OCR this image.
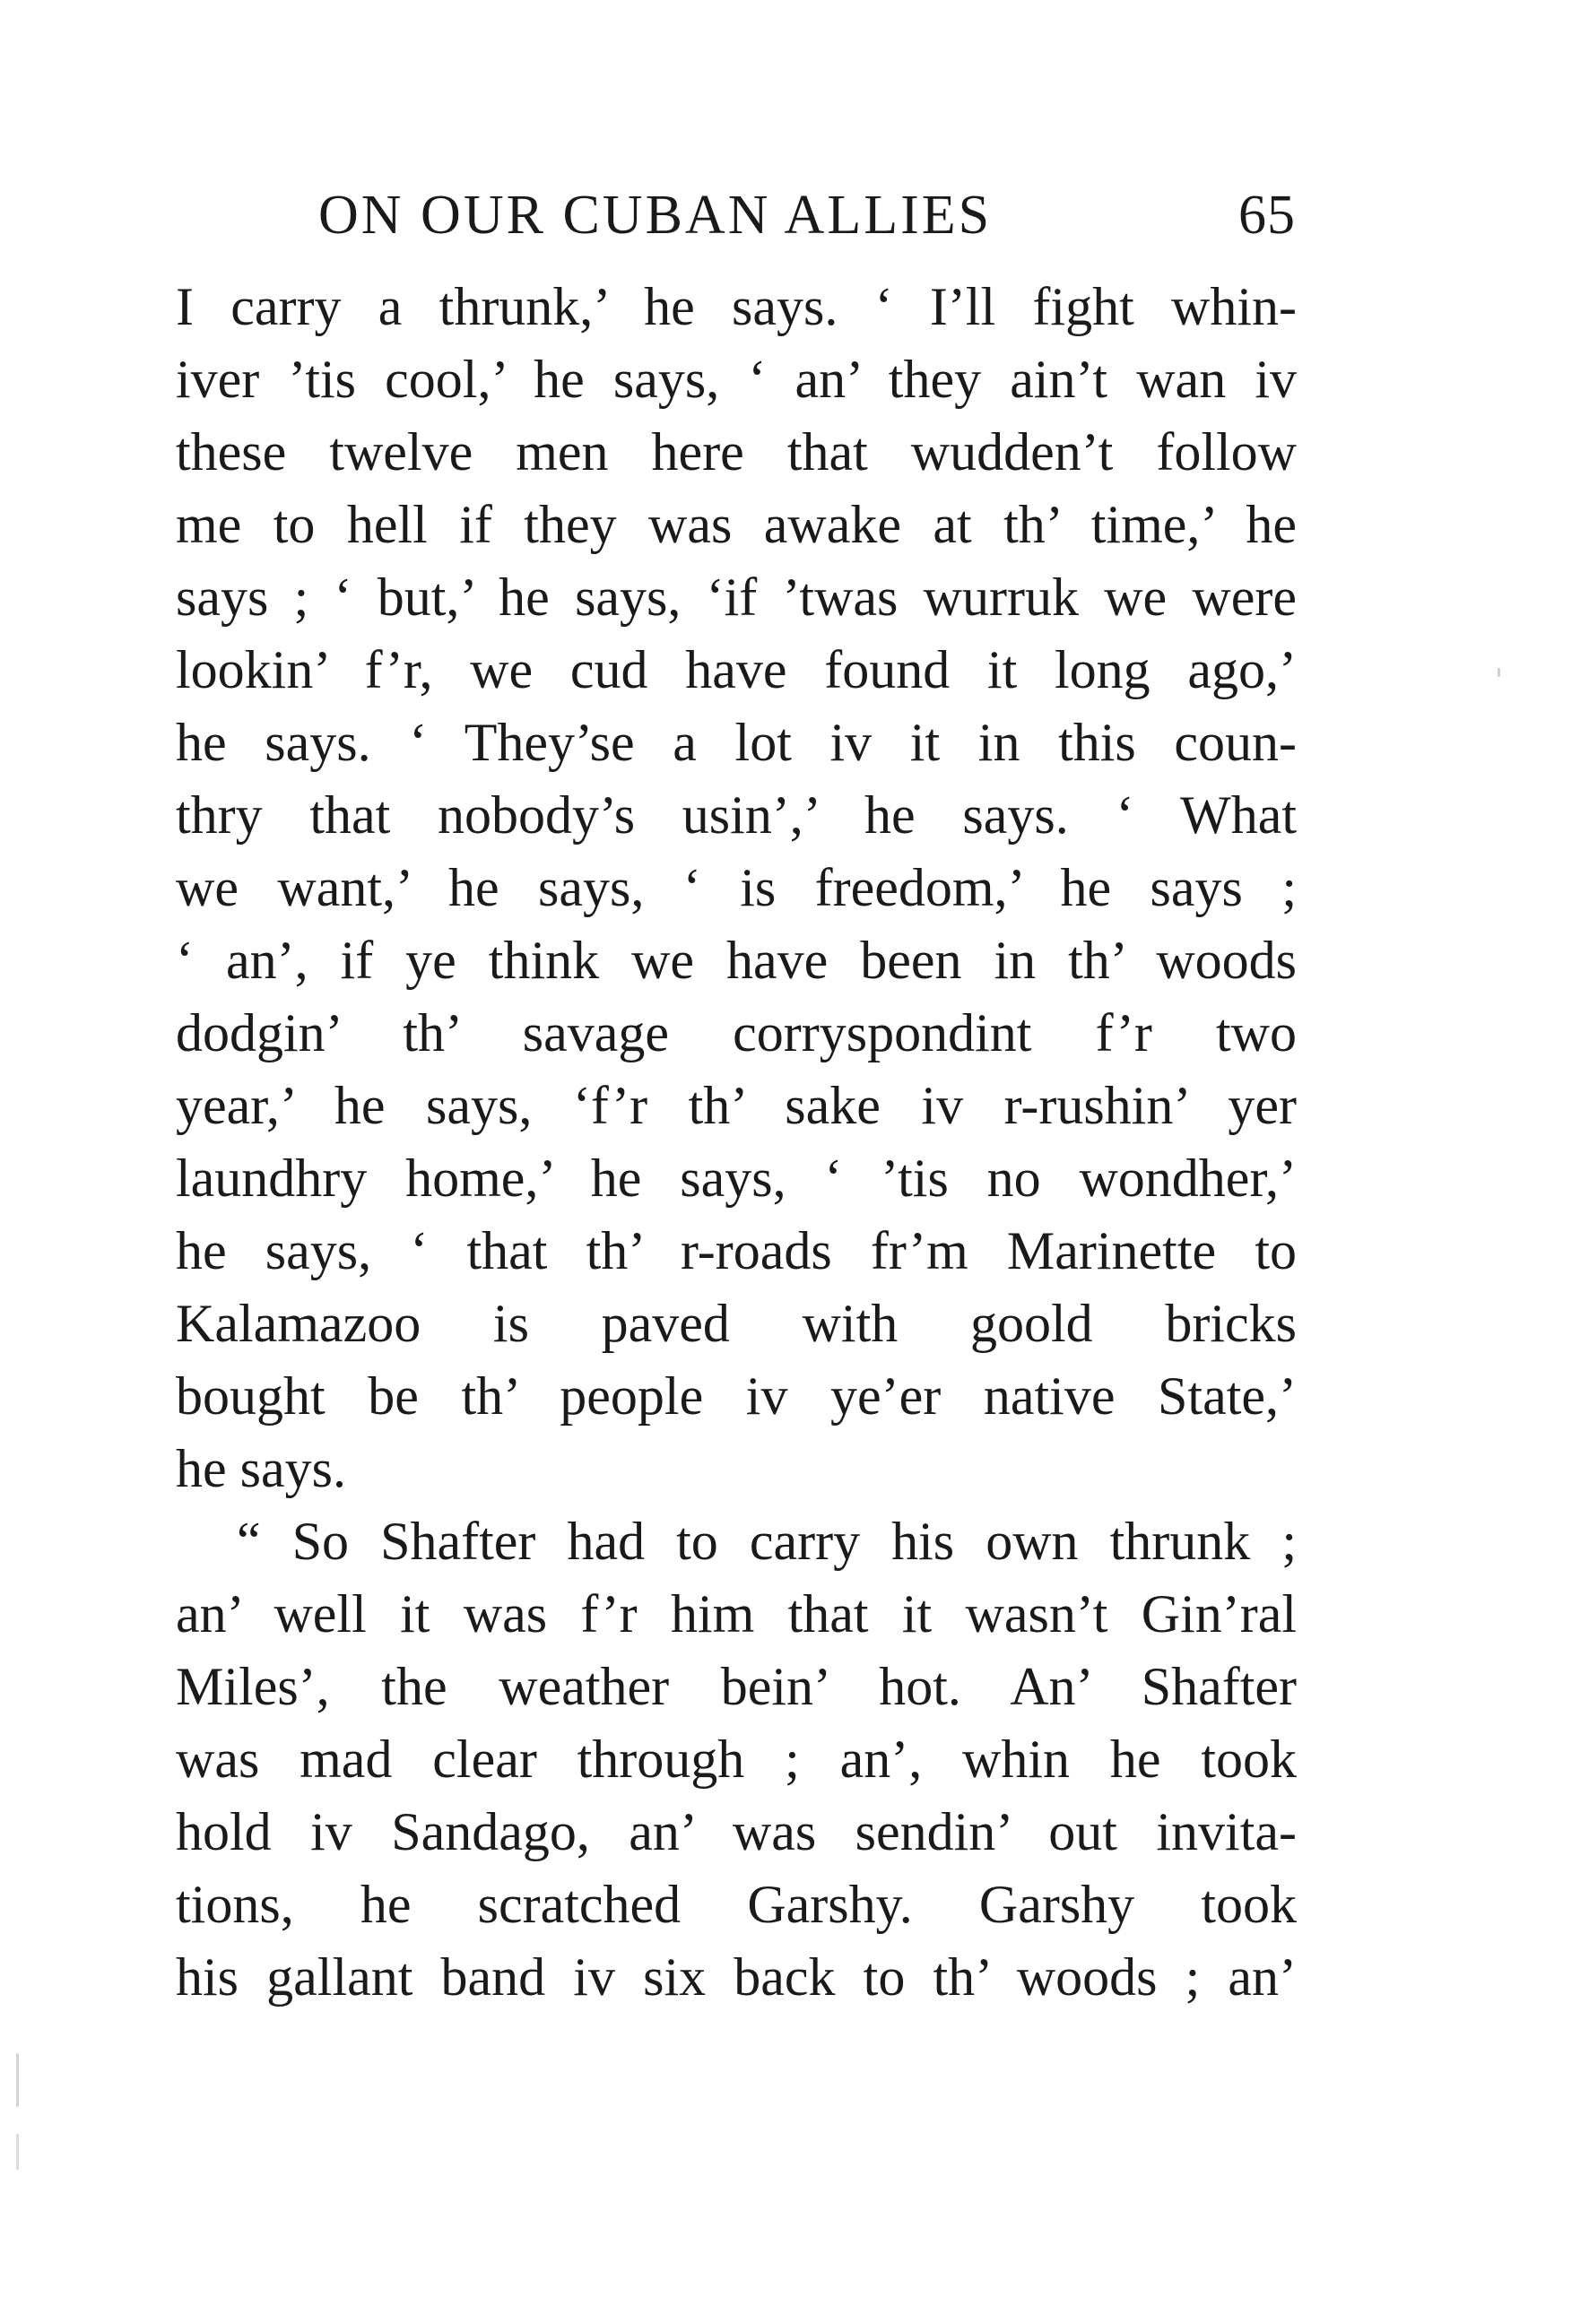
ON OUR CUBAN ALLIES	65
I carry a thrunk,’ he says. ‘ I’ll fight whin-
iver ’tis cool,’ he says, ‘ an’ they ain’t wan iv
these twelve men here that wudden’t follow
me to hell if they was awake at th’ time,’ he
says ; ‘ but,’ he says, ‘if ’twas wurruk we were
lookin’ f’r, we cud have found it long ago,’
he says. ‘ They’se a lot iv it in this coun-
thry that nobody’s usin’,’ he says. ‘ What
we want,’ he says, ‘ is freedom,’ he says ;
‘ an’, if ye think we have been in th’ woods
dodgin’ th’ savage corryspondint f’r two
year,’ he says, ‘f’r th’ sake iv r-rushin’ yer
laundhry home,’ he says, ‘ ’tis no wondher,’
he says, ‘ that th’ r-roads fr’m Marinette to
Kalamazoo is paved with goold bricks
bought be th’ people iv ye’er native State,’
he says.
“ So Shafter had to carry his own thrunk ;
an’ well it was f’r him that it wasn’t Gin’ral
Miles’, the weather bein’ hot. An’ Shafter
was mad clear through ; an’, whin he took
hold iv Sandago, an’ was sendin’ out invita-
tions, he scratched Garshy. Garshy took
his gallant band iv six back to th’ woods ; an’
